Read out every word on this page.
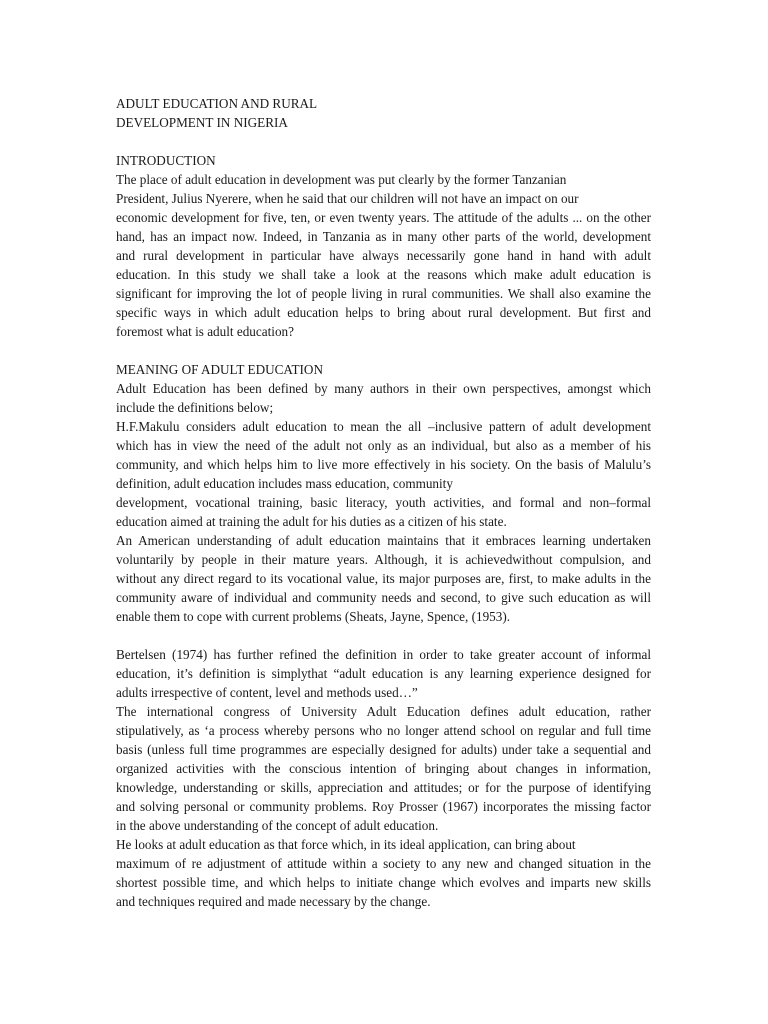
ADULT EDUCATION AND RURAL
DEVELOPMENT IN NIGERIA
INTRODUCTION
The place of adult education in development was put clearly by the former Tanzanian
President, Julius Nyerere, when he said that our children will not have an impact on our
economic development for five, ten, or even twenty years. The attitude of the adults ... on the other
hand, has an impact now. Indeed, in Tanzania as in many other parts of the world, development
and rural development in particular have always necessarily gone hand in hand with adult
education. In this study we shall take a look at the reasons which make adult education is
significant for improving the lot of people living in rural communities. We shall also examine the
specific ways in which adult education helps to bring about rural development. But first and
foremost what is adult education?
MEANING OF ADULT EDUCATION
Adult Education has been defined by many authors in their own perspectives, amongst which
include the definitions below;
H.F.Makulu considers adult education to mean the all –inclusive pattern of adult development
which has in view the need of the adult not only as an individual, but also as a member of his
community, and which helps him to live more effectively in his society. On the basis of Malulu’s
definition, adult education includes mass education, community
development, vocational training, basic literacy, youth activities, and formal and non–formal
education aimed at training the adult for his duties as a citizen of his state.
An American understanding of adult education maintains that it embraces learning undertaken
voluntarily by people in their mature years. Although, it is achievedwithout compulsion, and
without any direct regard to its vocational value, its major purposes are, first, to make adults in the
community aware of individual and community needs and second, to give such education as will
enable them to cope with current problems (Sheats, Jayne, Spence, (1953).
Bertelsen (1974) has further refined the definition in order to take greater account of informal
education, it’s definition is simplythat “adult education is any learning experience designed for
adults irrespective of content, level and methods used…”
The international congress of University Adult Education defines adult education, rather
stipulatively, as ‘a process whereby persons who no longer attend school on regular and full time
basis (unless full time programmes are especially designed for adults) under take a sequential and
organized activities with the conscious intention of bringing about changes in information,
knowledge, understanding or skills, appreciation and attitudes; or for the purpose of identifying
and solving personal or community problems. Roy Prosser (1967) incorporates the missing factor
in the above understanding of the concept of adult education.
He looks at adult education as that force which, in its ideal application, can bring about
maximum of re adjustment of attitude within a society to any new and changed situation in the
shortest possible time, and which helps to initiate change which evolves and imparts new skills
and techniques required and made necessary by the change.
